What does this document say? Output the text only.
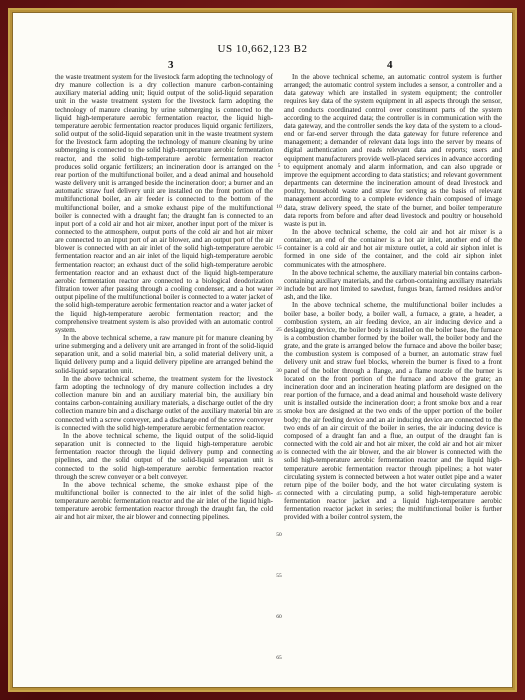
US 10,662,123 B2
3	4

the waste treatment system for the livestock farm adopting the technology of dry manure collection is a dry collection manure carbon-containing auxiliary material adding unit; liquid output of the solid-liquid separation unit in the waste treatment system for the livestock farm adopting the technology of manure cleaning by urine submerging is connected to the liquid high-temperature aerobic fermentation reactor, the liquid high-temperature aerobic fermentation reactor produces liquid organic fertilizers, solid output of the solid-liquid separation unit in the waste treatment system for the livestock farm adopting the technology of manure cleaning by urine submerging is connected to the solid high-temperature aerobic fermentation reactor, and the solid high-temperature aerobic fermentation reactor produces solid organic fertilizers; an incineration door is arranged on the rear portion of the multifunctional boiler, and a dead animal and household waste delivery unit is arranged beside the incineration door; a burner and an automatic straw fuel delivery unit are installed on the front portion of the multifunctional boiler, an air feeder is connected to the bottom of the multifunctional boiler, and a smoke exhaust pipe of the multifunctional boiler is connected with a draught fan; the draught fan is connected to an input port of a cold air and hot air mixer, another input port of the mixer is connected to the atmosphere, output ports of the cold air and hot air mixer are connected to an input port of an air blower, and an output port of the air blower is connected with an air inlet of the solid high-temperature aerobic fermentation reactor and an air inlet of the liquid high-temperature aerobic fermentation reactor; an exhaust duct of the solid high-temperature aerobic fermentation reactor and an exhaust duct of the liquid high-temperature aerobic fermentation reactor are connected to a biological deodorization filtration tower after passing through a cooling condenser, and a hot water output pipeline of the multifunctional boiler is connected to a water jacket of the solid high-temperature aerobic fermentation reactor and a water jacket of the liquid high-temperature aerobic fermentation reactor; and the comprehensive treatment system is also provided with an automatic control system.

In the above technical scheme, a raw manure pit for manure cleaning by urine submerging and a delivery unit are arranged in front of the solid-liquid separation unit, and a solid material bin, a solid material delivery unit, a liquid delivery pump and a liquid delivery pipeline are arranged behind the solid-liquid separation unit.

In the above technical scheme, the treatment system for the livestock farm adopting the technology of dry manure collection includes a dry collection manure bin and an auxiliary material bin, the auxiliary bin contains carbon-containing auxiliary materials, a discharge outlet of the dry collection manure bin and a discharge outlet of the auxiliary material bin are connected with a screw conveyer, and a discharge end of the screw conveyer is connected with the solid high-temperature aerobic fermentation reactor.

In the above technical scheme, the liquid output of the solid-liquid separation unit is connected to the liquid high-temperature aerobic fermentation reactor through the liquid delivery pump and connecting pipelines, and the solid output of the solid-liquid separation unit is connected to the solid high-temperature aerobic fermentation reactor through the screw conveyer or a belt conveyer.

In the above technical scheme, the smoke exhaust pipe of the multifunctional boiler is connected to the air inlet of the solid high-temperature aerobic fermentation reactor and the air inlet of the liquid high-temperature aerobic fermentation reactor through the draught fan, the cold air and hot air mixer, the air blower and connecting pipelines.

5
10
15
20
25
30
35
40
45
50
55
60
65

In the above technical scheme, an automatic control system is further arranged; the automatic control system includes a sensor, a controller and a data gateway which are installed in system equipment; the controller requires key data of the system equipment in all aspects through the sensor, and conducts coordinated control over constituent parts of the system according to the acquired data; the controller is in communication with the data gateway, and the controller sends the key data of the system to a cloud-end or far-end server through the data gateway for future reference and management; a demander of relevant data logs into the server by means of digital authentication and reads relevant data and reports; users and equipment manufacturers provide well-placed services in advance according to equipment anomaly and alarm information, and can also upgrade or improve the equipment according to data statistics; and relevant government departments can determine the incineration amount of dead livestock and poultry, household waste and straw for serving as the basis of relevant management according to a complete evidence chain composed of image data, straw delivery speed, the state of the burner, and boiler temperature data reports from before and after dead livestock and poultry or household waste is put in.

In the above technical scheme, the cold air and hot air mixer is a container, an end of the container is a hot air inlet, another end of the container is a cold air and hot air mixture outlet, a cold air siphon inlet is formed in one side of the container, and the cold air siphon inlet communicates with the atmosphere.

In the above technical scheme, the auxiliary material bin contains carbon-containing auxiliary materials, and the carbon-containing auxiliary materials include but are not limited to sawdust, fungus bran, farmed residues and/or ash, and the like.

In the above technical scheme, the multifunctional boiler includes a boiler base, a boiler body, a boiler wall, a furnace, a grate, a header, a combustion system, an air feeding device, an air inducing device and a deslagging device, the boiler body is installed on the boiler base, the furnace is a combustion chamber formed by the boiler wall, the boiler body and the grate, and the grate is arranged below the furnace and above the boiler base; the combustion system is composed of a burner, an automatic straw fuel delivery unit and straw fuel blocks, wherein the burner is fixed to a front panel of the boiler through a flange, and a flame nozzle of the burner is located on the front portion of the furnace and above the grate; an incineration door and an incineration heating platform are designed on the rear portion of the furnace, and a dead animal and household waste delivery unit is installed outside the incineration door; a front smoke box and a rear smoke box are designed at the two ends of the upper portion of the boiler body; the air feeding device and an air inducing device are connected to the two ends of an air circuit of the boiler in series, the air inducing device is composed of a draught fan and a flue, an output of the draught fan is connected with the cold air and hot air mixer, the cold air and hot air mixer is connected with the air blower, and the air blower is connected with the solid high-temperature aerobic fermentation reactor and the liquid high-temperature aerobic fermentation reactor through pipelines; a hot water circulating system is connected between a hot water outlet pipe and a water return pipe of the boiler body, and the hot water circulating system is connected with a circulating pump, a solid high-temperature aerobic fermentation reactor jacket and a liquid high-temperature aerobic fermentation reactor jacket in series; the multifunctional boiler is further provided with a boiler control system, the
